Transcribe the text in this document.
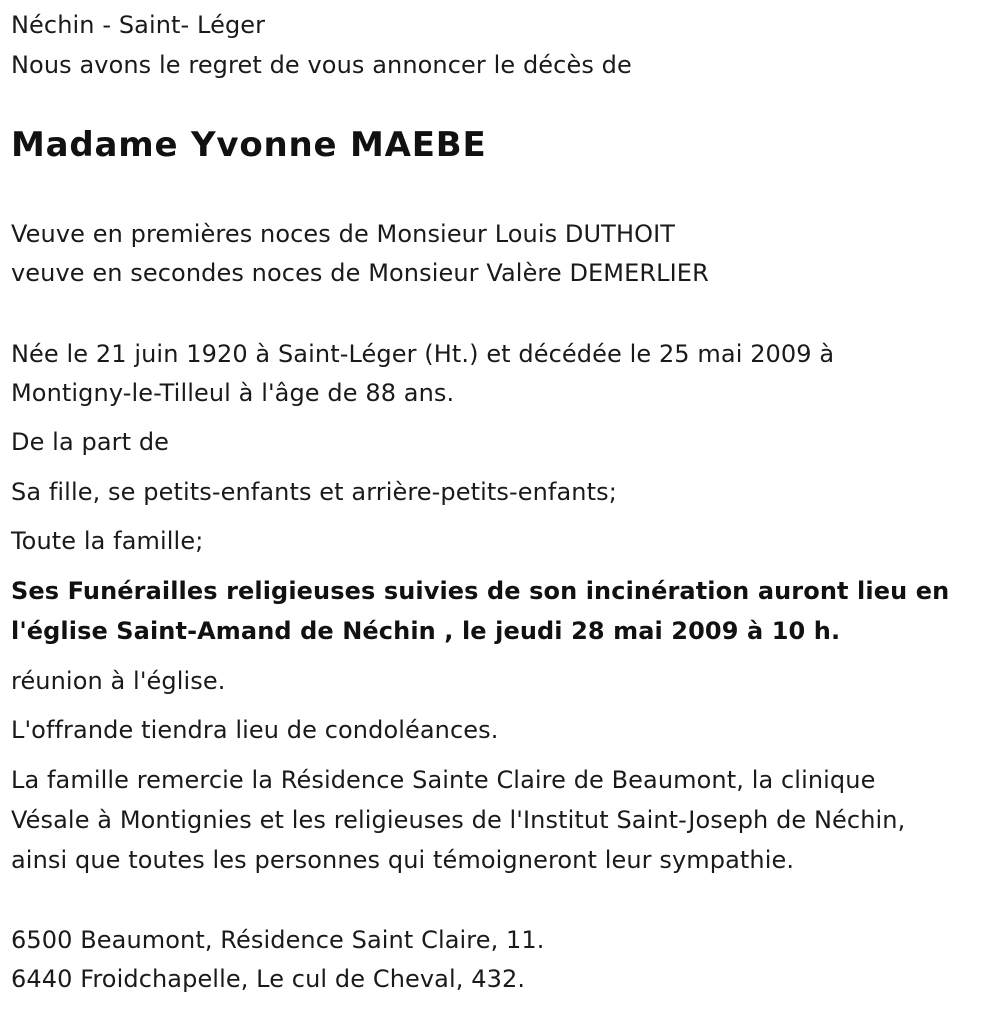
Néchin - Saint- Léger
Nous avons le regret de vous annoncer le décès de
Madame Yvonne MAEBE
Veuve en premières noces de Monsieur Louis DUTHOIT
veuve en secondes noces de Monsieur Valère DEMERLIER
Née le 21 juin 1920 à Saint-Léger (Ht.) et décédée le 25 mai 2009 à
Montigny-le-Tilleul à l'âge de 88 ans.
De la part de
Sa fille, se petits-enfants et arrière-petits-enfants;
Toute la famille;
Ses Funérailles religieuses suivies de son incinération auront lieu en
l'église Saint-Amand de Néchin , le jeudi 28 mai 2009 à 10 h.
réunion à l'église.
L'offrande tiendra lieu de condoléances.
La famille remercie la Résidence Sainte Claire de Beaumont, la clinique
Vésale à Montignies et les religieuses de l'Institut Saint-Joseph de Néchin,
ainsi que toutes les personnes qui témoigneront leur sympathie.
6500 Beaumont, Résidence Saint Claire, 11.
6440 Froidchapelle, Le cul de Cheval, 432.
